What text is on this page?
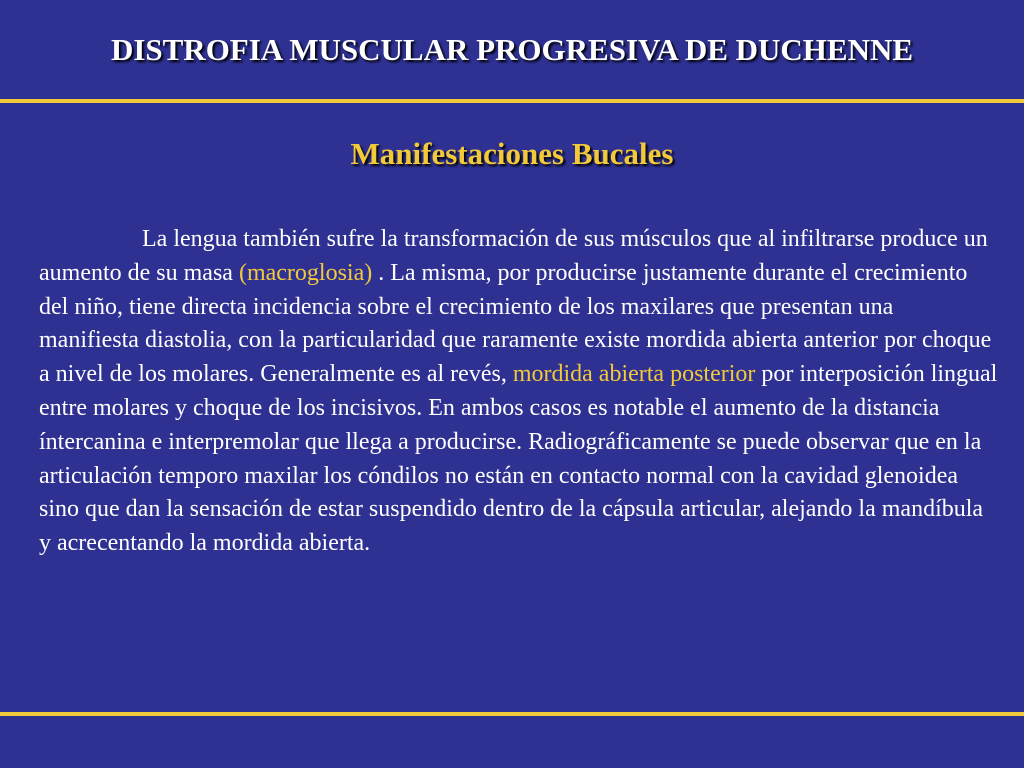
DISTROFIA MUSCULAR PROGRESIVA DE DUCHENNE
Manifestaciones Bucales

La lengua también sufre la transformación de sus músculos que al infiltrarse produce un aumento de su masa (macroglosia) . La misma, por producirse justamente durante el crecimiento del niño, tiene directa incidencia sobre el crecimiento de los maxilares que presentan una manifiesta diastolia, con la particularidad que raramente existe mordida abierta anterior por choque a nivel de los molares. Generalmente es al revés, mordida abierta posterior por interposición lingual entre molares y choque de los incisivos. En ambos casos es notable el aumento de la distancia íntercanina e interpremolar que llega a producirse. Radiográficamente se puede observar que en la articulación temporo maxilar los cóndilos no están en contacto normal con la cavidad glenoidea sino que dan la sensación de estar suspendido dentro de la cápsula articular, alejando la mandíbula y acrecentando la mordida abierta.
